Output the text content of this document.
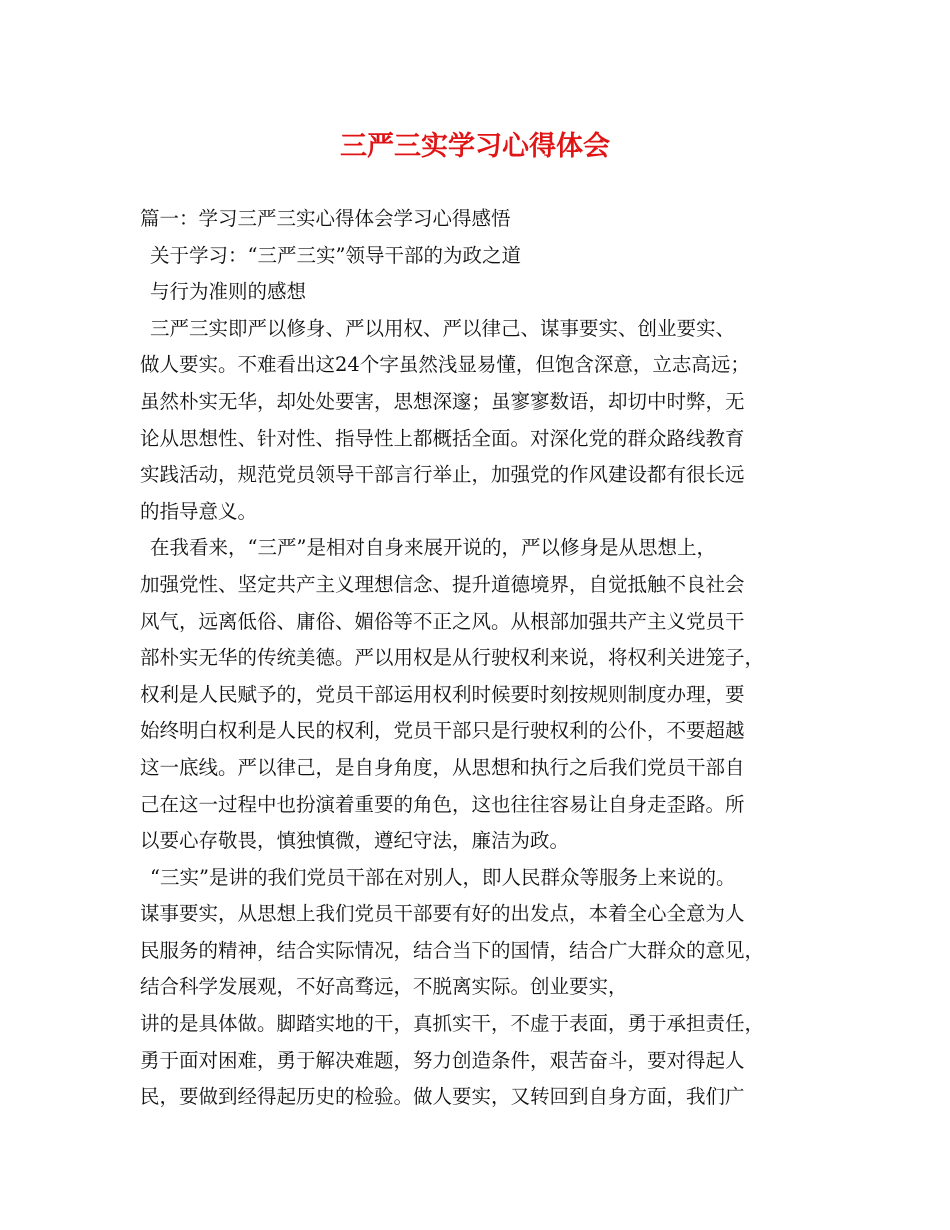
三严三实学习心得体会
篇一：学习三严三实心得体会学习心得感悟
关于学习：“三严三实”领导干部的为政之道
与行为准则的感想
三严三实即严以修身、严以用权、严以律己、谋事要实、创业要实、
做人要实。不难看出这24个字虽然浅显易懂，但饱含深意，立志高远；
虽然朴实无华，却处处要害，思想深邃；虽寥寥数语，却切中时弊，无
论从思想性、针对性、指导性上都概括全面。对深化党的群众路线教育
实践活动，规范党员领导干部言行举止，加强党的作风建设都有很长远
的指导意义。
在我看来，“三严”是相对自身来展开说的，严以修身是从思想上，
加强党性、坚定共产主义理想信念、提升道德境界，自觉抵触不良社会
风气，远离低俗、庸俗、媚俗等不正之风。从根部加强共产主义党员干
部朴实无华的传统美德。严以用权是从行驶权利来说，将权利关进笼子，
权利是人民赋予的，党员干部运用权利时候要时刻按规则制度办理，要
始终明白权利是人民的权利，党员干部只是行驶权利的公仆，不要超越
这一底线。严以律己，是自身角度，从思想和执行之后我们党员干部自
己在这一过程中也扮演着重要的角色，这也往往容易让自身走歪路。所
以要心存敬畏，慎独慎微，遵纪守法，廉洁为政。
“三实”是讲的我们党员干部在对别人，即人民群众等服务上来说的。
谋事要实，从思想上我们党员干部要有好的出发点，本着全心全意为人
民服务的精神，结合实际情况，结合当下的国情，结合广大群众的意见，
结合科学发展观，不好高骛远，不脱离实际。创业要实，
讲的是具体做。脚踏实地的干，真抓实干，不虚于表面，勇于承担责任，
勇于面对困难，勇于解决难题，努力创造条件，艰苦奋斗，要对得起人
民，要做到经得起历史的检验。做人要实，又转回到自身方面，我们广
